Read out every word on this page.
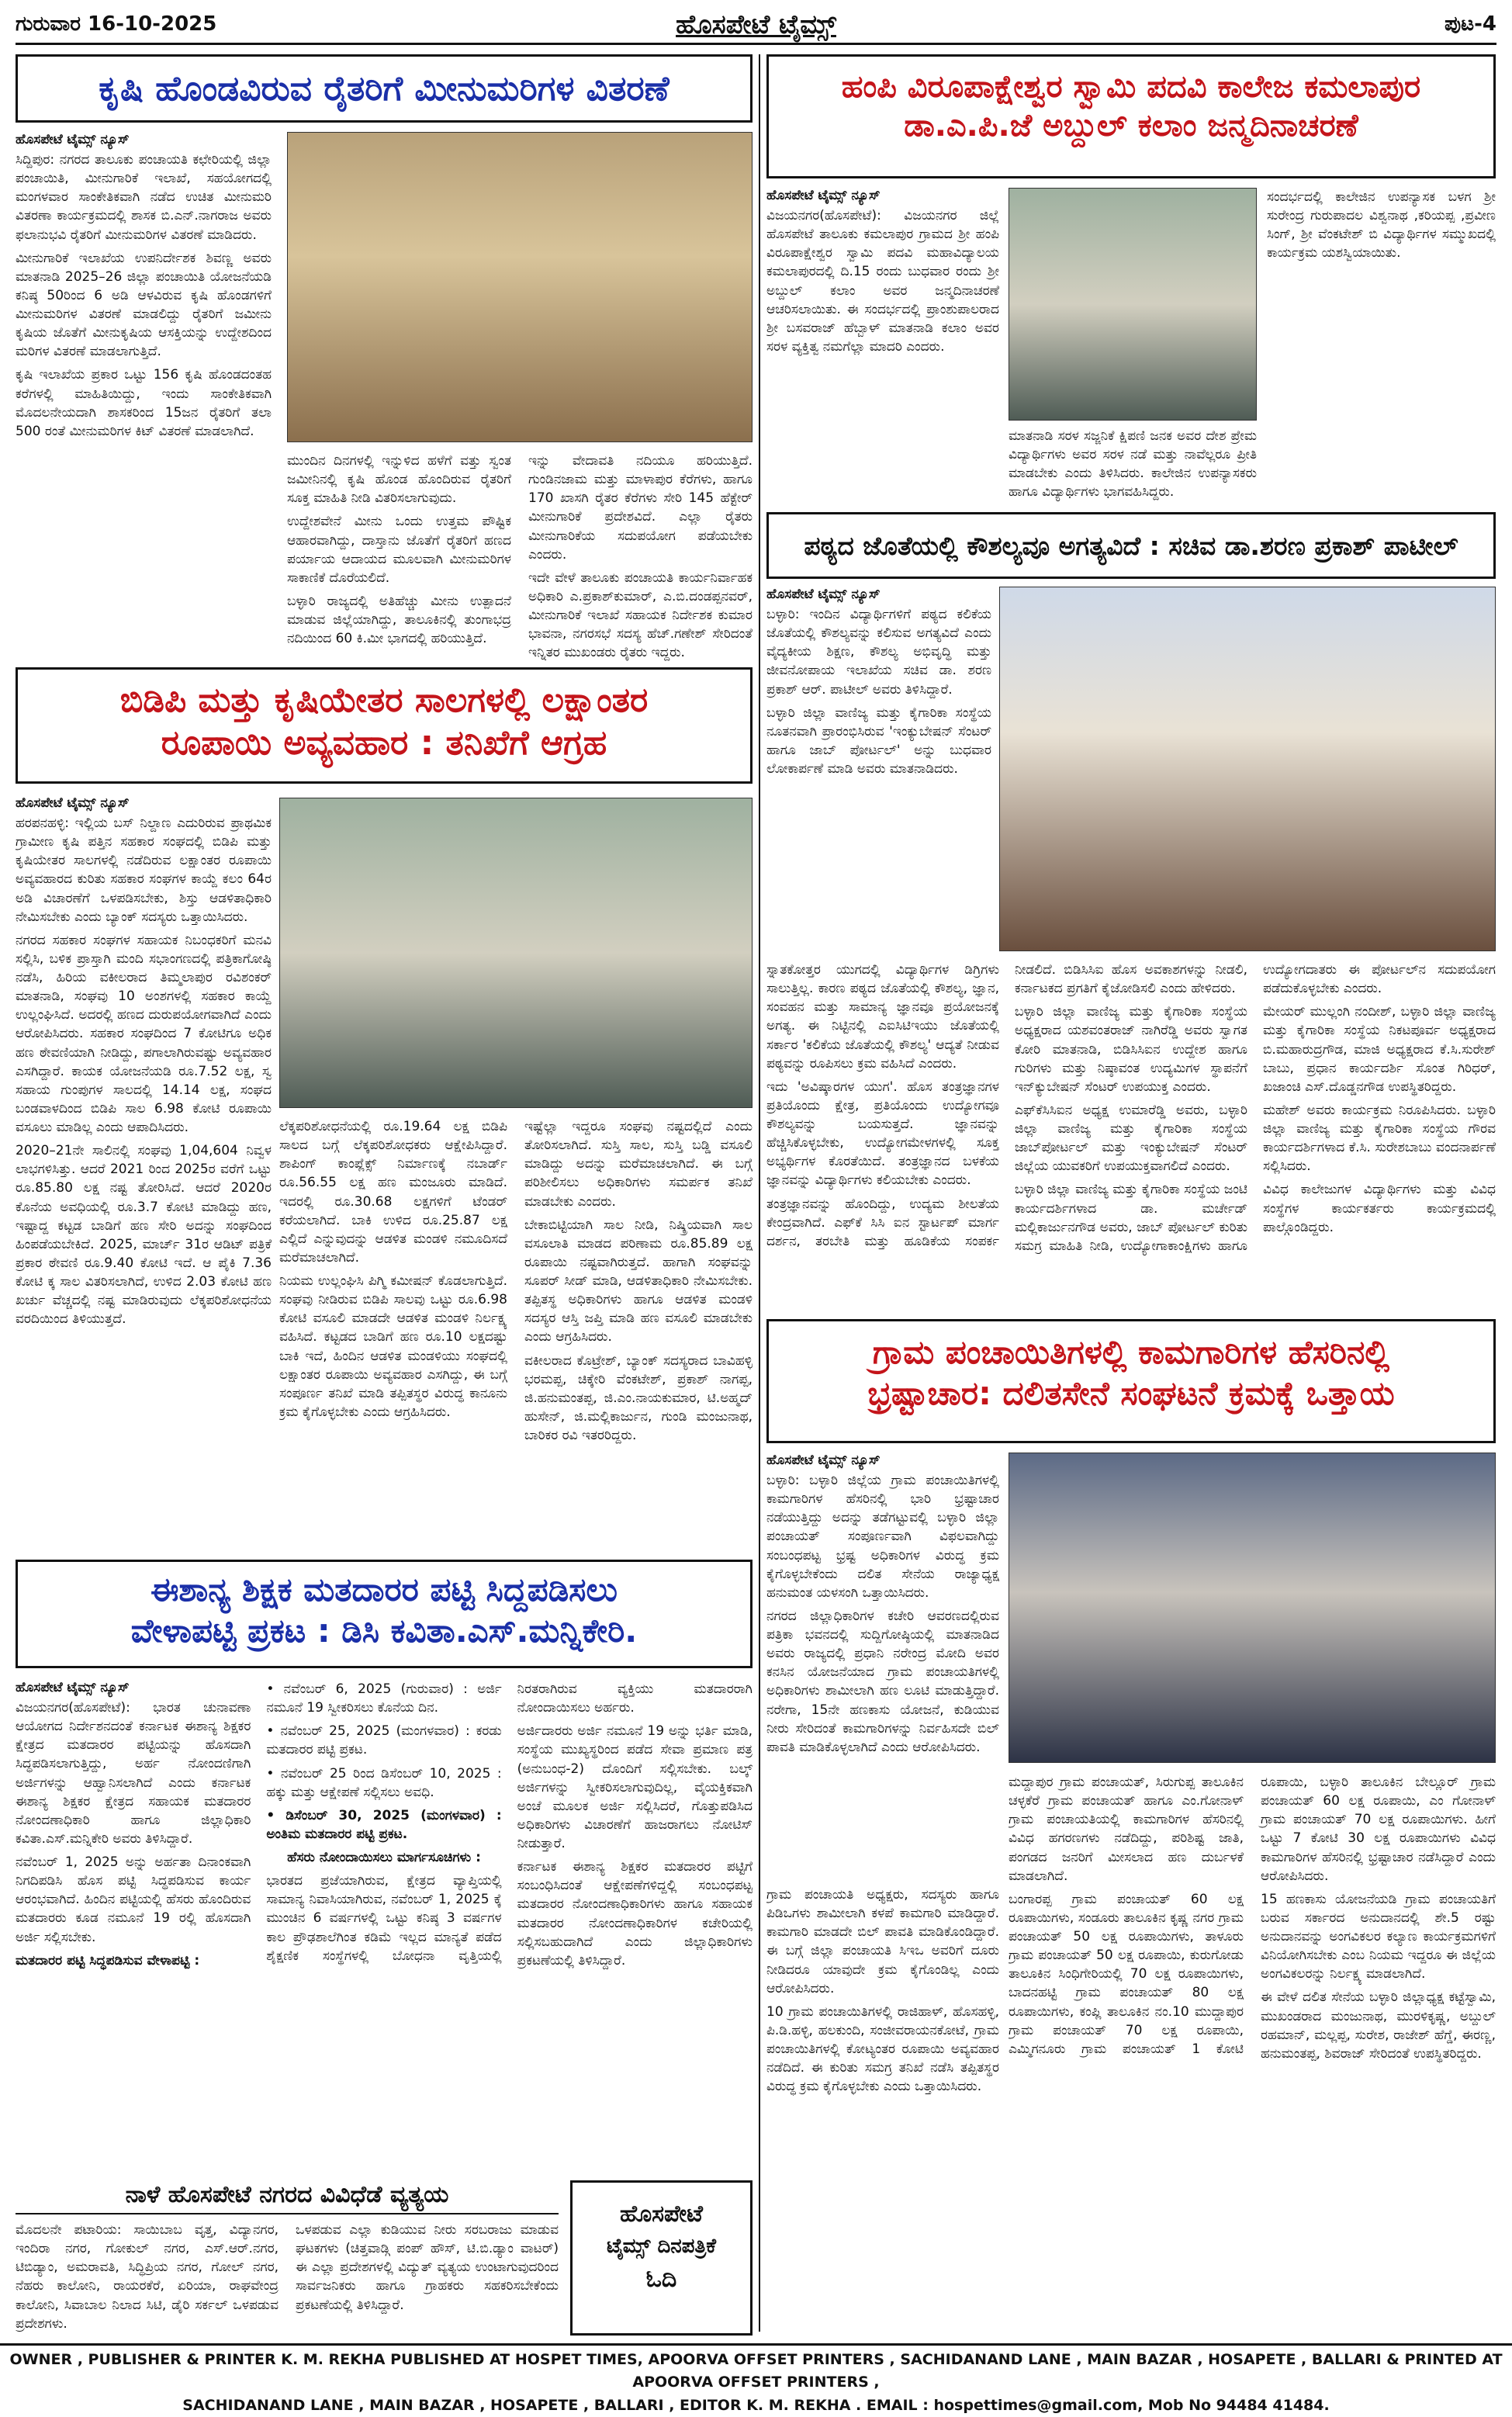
ಗುರುವಾರ 16-10-2025	ಹೊಸಪೇಟೆ ಟೈಮ್ಸ್	ಪುಟ-4
ಕೃಷಿ ಹೊಂಡವಿರುವ ರೈತರಿಗೆ ಮೀನುಮರಿಗಳ ವಿತರಣೆ

ಹೊಸಪೇಟೆ ಟೈಮ್ಸ್ ನ್ಯೂಸ್

ಸಿದ್ದಿಪುರ: ನಗರದ ತಾಲೂಕು ಪಂಚಾಯತಿ ಕಛೇರಿಯಲ್ಲಿ ಜಿಲ್ಲಾ ಪಂಚಾಯಿತಿ, ಮೀನುಗಾರಿಕೆ ಇಲಾಖೆ, ಸಹಯೋಗದಲ್ಲಿ ಮಂಗಳವಾರ ಸಾಂಕೇತಿಕವಾಗಿ ನಡೆದ ಉಚಿತ ಮೀನುಮರಿ ವಿತರಣಾ ಕಾರ್ಯಕ್ರಮದಲ್ಲಿ ಶಾಸಕ ಬಿ.ಎನ್.ನಾಗರಾಜ ಅವರು ಫಲಾನುಭವಿ ರೈತರಿಗೆ ಮೀನುಮರಿಗಳ ವಿತರಣೆ ಮಾಡಿದರು.

ಮೀನುಗಾರಿಕೆ ಇಲಾಖೆಯ ಉಪನಿರ್ದೇಶಕ ಶಿವಣ್ಣ ಅವರು ಮಾತನಾಡಿ 2025–26 ಜಿಲ್ಲಾ ಪಂಚಾಯಿತಿ ಯೋಜನೆಯಡಿ ಕನಿಷ್ಠ 50ರಿಂದ 6 ಅಡಿ ಆಳವಿರುವ ಕೃಷಿ ಹೊಂಡಗಳಿಗೆ ಮೀನುಮರಿಗಳ ವಿತರಣೆ ಮಾಡಲಿದ್ದು ರೈತರಿಗೆ ಜಮೀನು ಕೃಷಿಯ ಜೊತೆಗೆ ಮೀನುಕೃಷಿಯ ಆಸಕ್ತಿಯನ್ನು ಉದ್ದೇಶದಿಂದ ಮರಿಗಳ ವಿತರಣೆ ಮಾಡಲಾಗುತ್ತಿದೆ.

ಕೃಷಿ ಇಲಾಖೆಯ ಪ್ರಕಾರ ಒಟ್ಟು 156 ಕೃಷಿ ಹೊಂಡದಂತಹ ಕರೆಗಳಲ್ಲಿ ಮಾಹಿತಿಯಿದ್ದು, ಇಂದು ಸಾಂಕೇತಿಕವಾಗಿ ಮೊದಲನೇಯದಾಗಿ ಶಾಸಕರಿಂದ 15ಜನ ರೈತರಿಗೆ ತಲಾ 500 ರಂತೆ ಮೀನುಮರಿಗಳ ಕಿಟ್ ವಿತರಣೆ ಮಾಡಲಾಗಿದೆ.

ಮುಂದಿನ ದಿನಗಳಲ್ಲಿ ಇನ್ನುಳಿದ ಹಳೆಗೆ ವತ್ತು ಸ್ವಂತ ಜಮೀನಿನಲ್ಲಿ ಕೃಷಿ ಹೊಂಡ ಹೊಂದಿರುವ ರೈತರಿಗೆ ಸೂಕ್ತ ಮಾಹಿತಿ ನೀಡಿ ವಿತರಿಸಲಾಗುವುದು.

ಉದ್ದೇಶವೇನೆ ಮೀನು ಒಂದು ಉತ್ತಮ ಪೌಷ್ಟಿಕ ಆಹಾರವಾಗಿದ್ದು, ದಾಸ್ತಾನು ಜೊತೆಗೆ ರೈತರಿಗೆ ಹಣದ ಪರ್ಯಾಯ ಆದಾಯದ ಮೂಲವಾಗಿ ಮೀನುಮರಿಗಳ ಸಾಕಾಣಿಕೆ ದೊರೆಯಲಿದೆ.

ಬಳ್ಳಾರಿ ರಾಜ್ಯದಲ್ಲಿ ಅತಿಹೆಚ್ಚು ಮೀನು ಉತ್ಪಾದನೆ ಮಾಡುವ ಜಿಲ್ಲೆಯಾಗಿದ್ದು, ತಾಲೂಕಿನಲ್ಲಿ ತುಂಗಾಭದ್ರ ನದಿಯಿಂದ 60 ಕಿ.ಮೀ ಭಾಗದಲ್ಲಿ ಹರಿಯುತ್ತಿದೆ.

ಇನ್ನು ವೇದಾವತಿ ನದಿಯೂ ಹರಿಯುತ್ತಿದೆ. ಗುಂಡಿನಜಾಮ ಮತ್ತು ಮಾಳಾಪುರ ಕೆರೆಗಳು, ಹಾಗೂ 170 ಖಾಸಗಿ ರೈತರ ಕೆರೆಗಳು ಸೇರಿ 145 ಹೆಕ್ಟೇರ್ ಮೀನುಗಾರಿಕೆ ಪ್ರದೇಶವಿದೆ. ಎಲ್ಲಾ ರೈತರು ಮೀನುಗಾರಿಕೆಯ ಸದುಪಯೋಗ ಪಡೆಯಬೇಕು ಎಂದರು.

ಇದೇ ವೇಳೆ ತಾಲೂಕು ಪಂಚಾಯತಿ ಕಾರ್ಯನಿರ್ವಾಹಕ ಅಧಿಕಾರಿ ಎ.ಪ್ರಕಾಶ್‌ಕುಮಾರ್, ಎ.ಬಿ.ದಂಡಪ್ಪನವರ್, ಮೀನುಗಾರಿಕೆ ಇಲಾಖೆ ಸಹಾಯಕ ನಿರ್ದೇಶಕ ಕುಮಾರ ಭಾವನಾ, ನಗರಸಭೆ ಸದಸ್ಯ ಹೆಚ್.ಗಣೇಶ್ ಸೇರಿದಂತೆ ಇನ್ನಿತರ ಮುಖಂಡರು ರೈತರು ಇದ್ದರು.

ಬಿಡಿಪಿ ಮತ್ತು ಕೃಷಿಯೇತರ ಸಾಲಗಳಲ್ಲಿ ಲಕ್ಷಾಂತರ
ರೂಪಾಯಿ ಅವ್ಯವಹಾರ : ತನಿಖೆಗೆ ಆಗ್ರಹ

ಹೊಸಪೇಟೆ ಟೈಮ್ಸ್ ನ್ಯೂಸ್

ಹರಪನಹಳ್ಳಿ: ಇಲ್ಲಿಯ ಬಸ್ ನಿಲ್ದಾಣ ಎದುರಿರುವ ಪ್ರಾಥಮಿಕ ಗ್ರಾಮೀಣ ಕೃಷಿ ಪತ್ತಿನ ಸಹಕಾರ ಸಂಘದಲ್ಲಿ ಬಿಡಿಪಿ ಮತ್ತು ಕೃಷಿಯೇತರ ಸಾಲಗಳಲ್ಲಿ ನಡೆದಿರುವ ಲಕ್ಷಾಂತರ ರೂಪಾಯಿ ಅವ್ಯವಹಾರದ ಕುರಿತು ಸಹಕಾರ ಸಂಘಗಳ ಕಾಯ್ದೆ ಕಲಂ 64ರ ಅಡಿ ವಿಚಾರಣೆಗೆ ಒಳಪಡಿಸಬೇಕು, ಶಿಸ್ತು ಆಡಳಿತಾಧಿಕಾರಿ ನೇಮಿಸಬೇಕು ಎಂದು ಬ್ಯಾಂಕ್ ಸದಸ್ಯರು ಒತ್ತಾಯಿಸಿದರು.

ನಗರದ ಸಹಕಾರ ಸಂಘಗಳ ಸಹಾಯಕ ನಿಬಂಧಕರಿಗೆ ಮನವಿ ಸಲ್ಲಿಸಿ, ಬಳಿಕ ಪ್ರಾಸ್ತಾಗಿ ಮಂದಿ ಸಭಾಂಗಣದಲ್ಲಿ ಪತ್ರಿಕಾಗೋಷ್ಠಿ ನಡೆಸಿ, ಹಿರಿಯ ವಕೀಲರಾದ ತಿಮ್ಮಲಾಪುರ ರವಿಶಂಕರ್ ಮಾತನಾಡಿ, ಸಂಘವು 10 ಅಂಶಗಳಲ್ಲಿ ಸಹಕಾರ ಕಾಯ್ದೆ ಉಲ್ಲಂಘಿಸಿದೆ. ಅದರಲ್ಲಿ ಹಣದ ದುರುಪಯೋಗವಾಗಿದೆ ಎಂದು ಆರೋಪಿಸಿದರು. ಸಹಕಾರ ಸಂಘದಿಂದ 7 ಕೋಟಿಗೂ ಅಧಿಕ ಹಣ ಠೇವಣಿಯಾಗಿ ನೀಡಿದ್ದು, ಪಗಾಲಾಗಿರುವಷ್ಟು ಅವ್ಯವಹಾರ ಎಸಗಿದ್ದಾರೆ. ಕಾಯಕ ಯೋಜನೆಯಡಿ ರೂ.7.52 ಲಕ್ಷ, ಸ್ವ ಸಹಾಯ ಗುಂಪುಗಳ ಸಾಲದಲ್ಲಿ 14.14 ಲಕ್ಷ, ಸಂಘದ ಬಂಡವಾಳದಿಂದ ಬಿಡಿಪಿ ಸಾಲ 6.98 ಕೋಟಿ ರೂಪಾಯಿ ವಸೂಲು ಮಾಡಿಲ್ಲ ಎಂದು ಆಪಾದಿಸಿದರು.

2020–21ನೇ ಸಾಲಿನಲ್ಲಿ ಸಂಘವು 1,04,604 ನಿವ್ವಳ ಲಾಭಗಳಿಸಿತ್ತು. ಆದರೆ 2021 ರಿಂದ 2025ರ ವರೆಗೆ ಒಟ್ಟು ರೂ.85.80 ಲಕ್ಷ ನಷ್ಟ ತೋರಿಸಿದೆ. ಆದರೆ 2020ರ ಕೊನೆಯ ಅವಧಿಯಲ್ಲಿ ರೂ.3.7 ಕೋಟಿ ಮಾಡಿದ್ದು ಹಣ, ಇಷ್ಟಾದ್ದ ಕಟ್ಟಡ ಬಾಡಿಗೆ ಹಣ ಸೇರಿ ಅದನ್ನು ಸಂಘದಿಂದ ಹಿಂಪಡೆಯಬೇಕಿದೆ. 2025, ಮಾರ್ಚ್ 31ರ ಆಡಿಟ್ ಪತ್ರಿಕೆ ಪ್ರಕಾರ ಠೇವಣಿ ರೂ.9.40 ಕೋಟಿ ಇದೆ. ಆ ಪೈಕಿ 7.36 ಕೋಟಿ ಕ್ಕ ಸಾಲ ವಿತರಿಸಲಾಗಿದೆ, ಉಳಿದ 2.03 ಕೋಟಿ ಹಣ ಖರ್ಚು ವೆಚ್ಚದಲ್ಲಿ ನಷ್ಟ ಮಾಡಿರುವುದು ಲೆಕ್ಕಪರಿಶೋಧನೆಯ ವರದಿಯಿಂದ ತಿಳಿಯುತ್ತದೆ.

ಲೆಕ್ಕಪರಿಶೋಧನೆಯಲ್ಲಿ ರೂ.19.64 ಲಕ್ಷ ಬಿಡಿಪಿ ಸಾಲದ ಬಗ್ಗೆ ಲೆಕ್ಕಪರಿಶೋಧಕರು ಆಕ್ಷೇಪಿಸಿದ್ದಾರೆ. ಶಾಪಿಂಗ್ ಕಾಂಪ್ಲೆಕ್ಸ್ ನಿರ್ಮಾಣಕ್ಕೆ ನಬಾರ್ಡ್ ರೂ.56.55 ಲಕ್ಷ ಹಣ ಮಂಜೂರು ಮಾಡಿದೆ. ಇದರಲ್ಲಿ ರೂ.30.68 ಲಕ್ಷಗಳಿಗೆ ಟೆಂಡರ್ ಕರೆಯಲಾಗಿದೆ. ಬಾಕಿ ಉಳಿದ ರೂ.25.87 ಲಕ್ಷ ಎಲ್ಲಿದೆ ಎನ್ನುವುದನ್ನು ಆಡಳಿತ ಮಂಡಳಿ ನಮೂದಿಸದೆ ಮರೆಮಾಚಲಾಗಿದೆ.

ನಿಯಮ ಉಲ್ಲಂಘಿಸಿ ಪಿಗ್ಮಿ ಕಮೀಷನ್ ಕೊಡಲಾಗುತ್ತಿದೆ. ಸಂಘವು ನೀಡಿರುವ ಬಿಡಿಪಿ ಸಾಲವು ಒಟ್ಟು ರೂ.6.98 ಕೋಟಿ ವಸೂಲಿ ಮಾಡದೇ ಆಡಳಿತ ಮಂಡಳಿ ನಿರ್ಲಕ್ಷ್ಯ ವಹಿಸಿದೆ. ಕಟ್ಟಡದ ಬಾಡಿಗೆ ಹಣ ರೂ.10 ಲಕ್ಷದಷ್ಟು ಬಾಕಿ ಇದೆ, ಹಿಂದಿನ ಆಡಳಿತ ಮಂಡಳಿಯು ಸಂಘದಲ್ಲಿ ಲಕ್ಷಾಂತರ ರೂಪಾಯಿ ಅವ್ಯವಹಾರ ಎಸಗಿದ್ದು, ಈ ಬಗ್ಗೆ ಸಂಪೂರ್ಣ ತನಿಖೆ ಮಾಡಿ ತಪ್ಪಿತಸ್ಥರ ವಿರುದ್ಧ ಕಾನೂನು ಕ್ರಮ ಕೈಗೊಳ್ಳಬೇಕು ಎಂದು ಆಗ್ರಹಿಸಿದರು.

ಇಷ್ಟೆಲ್ಲಾ ಇದ್ದರೂ ಸಂಘವು ನಷ್ಟದಲ್ಲಿದೆ ಎಂದು ತೋರಿಸಲಾಗಿದೆ. ಸುಸ್ತಿ ಸಾಲ, ಸುಸ್ತಿ ಬಡ್ಡಿ ವಸೂಲಿ ಮಾಡಿದ್ದು ಅದನ್ನು ಮರೆಮಾಚಲಾಗಿದೆ. ಈ ಬಗ್ಗೆ ಪರಿಶೀಲಿಸಲು ಅಧಿಕಾರಿಗಳು ಸಮರ್ಪಕ ತನಿಖೆ ಮಾಡಬೇಕು ಎಂದರು.

ಬೇಕಾಬಿಟ್ಟಿಯಾಗಿ ಸಾಲ ನೀಡಿ, ನಿಷ್ಕ್ರಿಯವಾಗಿ ಸಾಲ ವಸೂಲಾತಿ ಮಾಡದ ಪರಿಣಾಮ ರೂ.85.89 ಲಕ್ಷ ರೂಪಾಯಿ ನಷ್ಟವಾಗಿರುತ್ತದೆ. ಹಾಗಾಗಿ ಸಂಘವನ್ನು ಸೂಪರ್ ಸೀಡ್ ಮಾಡಿ, ಆಡಳಿತಾಧಿಕಾರಿ ನೇಮಿಸಬೇಕು. ತಪ್ಪಿತಸ್ಥ ಅಧಿಕಾರಿಗಳು ಹಾಗೂ ಆಡಳಿತ ಮಂಡಳಿ ಸದಸ್ಯರ ಆಸ್ತಿ ಜಪ್ತಿ ಮಾಡಿ ಹಣ ವಸೂಲಿ ಮಾಡಬೇಕು ಎಂದು ಆಗ್ರಹಿಸಿದರು.

ವಕೀಲರಾದ ಕೊಟ್ರೇಶ್, ಬ್ಯಾಂಕ್ ಸದಸ್ಯರಾದ ಬಾವಿಹಳ್ಳಿ ಭರಮಪ್ಪ, ಚಿಕ್ಕೇರಿ ವೆಂಕಟೇಶ್, ಪ್ರಕಾಶ್ ನಾಗಪ್ಪ, ಜಿ.ಹನುಮಂತಪ್ಪ, ಜಿ.ಎಂ.ನಾಯಕುಮಾರ, ಟಿ.ಅಹ್ಮದ್ ಹುಸೇನ್, ಜಿ.ಮಲ್ಲಿಕಾರ್ಜುನ, ಗುಂಡಿ ಮಂಜುನಾಥ, ಬಾರಿಕರ ರವಿ ಇತರರಿದ್ದರು.

ಈಶಾನ್ಯ ಶಿಕ್ಷಕ ಮತದಾರರ ಪಟ್ಟಿ ಸಿದ್ದಪಡಿಸಲು
ವೇಳಾಪಟ್ಟಿ ಪ್ರಕಟ : ಡಿಸಿ ಕವಿತಾ.ಎಸ್.ಮನ್ನಿಕೇರಿ.

ಹೊಸಪೇಟೆ ಟೈಮ್ಸ್ ನ್ಯೂಸ್

ವಿಜಯನಗರ(ಹೊಸಪೇಟೆ): ಭಾರತ ಚುನಾವಣಾ ಆಯೋಗದ ನಿರ್ದೇಶನದಂತೆ ಕರ್ನಾಟಕ ಈಶಾನ್ಯ ಶಿಕ್ಷಕರ ಕ್ಷೇತ್ರದ ಮತದಾರರ ಪಟ್ಟಿಯನ್ನು ಹೊಸದಾಗಿ ಸಿದ್ಧಪಡಿಸಲಾಗುತ್ತಿದ್ದು, ಅರ್ಹ ನೋಂದಣಿಗಾಗಿ ಅರ್ಜಿಗಳನ್ನು ಆಹ್ವಾನಿಸಲಾಗಿದೆ ಎಂದು ಕರ್ನಾಟಕ ಈಶಾನ್ಯ ಶಿಕ್ಷಕರ ಕ್ಷೇತ್ರದ ಸಹಾಯಕ ಮತದಾರರ ನೋಂದಣಾಧಿಕಾರಿ ಹಾಗೂ ಜಿಲ್ಲಾಧಿಕಾರಿ ಕವಿತಾ.ಎಸ್.ಮನ್ನಿಕೇರಿ ಅವರು ತಿಳಿಸಿದ್ದಾರೆ.

ನವೆಂಬರ್ 1, 2025 ಅನ್ನು ಅರ್ಹತಾ ದಿನಾಂಕವಾಗಿ ನಿಗದಿಪಡಿಸಿ ಹೊಸ ಪಟ್ಟಿ ಸಿದ್ಧಪಡಿಸುವ ಕಾರ್ಯ ಆರಂಭವಾಗಿದೆ. ಹಿಂದಿನ ಪಟ್ಟಿಯಲ್ಲಿ ಹೆಸರು ಹೊಂದಿರುವ ಮತದಾರರು ಕೂಡ ನಮೂನೆ 19 ರಲ್ಲಿ ಹೊಸದಾಗಿ ಅರ್ಜಿ ಸಲ್ಲಿಸಬೇಕು.

ಮತದಾರರ ಪಟ್ಟಿ ಸಿದ್ಧಪಡಿಸುವ ವೇಳಾಪಟ್ಟಿ :

• ನವೆಂಬರ್ 6, 2025 (ಗುರುವಾರ) : ಅರ್ಜಿ ನಮೂನೆ 19 ಸ್ವೀಕರಿಸಲು ಕೊನೆಯ ದಿನ.

• ನವೆಂಬರ್ 25, 2025 (ಮಂಗಳವಾರ) : ಕರಡು ಮತದಾರರ ಪಟ್ಟಿ ಪ್ರಕಟ.

• ನವೆಂಬರ್ 25 ರಿಂದ ಡಿಸೆಂಬರ್ 10, 2025 : ಹಕ್ಕು ಮತ್ತು ಆಕ್ಷೇಪಣೆ ಸಲ್ಲಿಸಲು ಅವಧಿ.

• ಡಿಸೆಂಬರ್ 30, 2025 (ಮಂಗಳವಾರ) : ಅಂತಿಮ ಮತದಾರರ ಪಟ್ಟಿ ಪ್ರಕಟ.

ಹೆಸರು ನೋಂದಾಯಿಸಲು ಮಾರ್ಗಸೂಚಿಗಳು :

ಭಾರತದ ಪ್ರಜೆಯಾಗಿರುವ, ಕ್ಷೇತ್ರದ ವ್ಯಾಪ್ತಿಯಲ್ಲಿ ಸಾಮಾನ್ಯ ನಿವಾಸಿಯಾಗಿರುವ, ನವೆಂಬರ್ 1, 2025 ಕ್ಕೆ ಮುಂಚಿನ 6 ವರ್ಷಗಳಲ್ಲಿ ಒಟ್ಟು ಕನಿಷ್ಠ 3 ವರ್ಷಗಳ ಕಾಲ ಪ್ರೌಢಶಾಲೆಗಿಂತ ಕಡಿಮೆ ಇಲ್ಲದ ಮಾನ್ಯತೆ ಪಡೆದ ಶೈಕ್ಷಣಿಕ ಸಂಸ್ಥೆಗಳಲ್ಲಿ ಬೋಧನಾ ವೃತ್ತಿಯಲ್ಲಿ ನಿರತರಾಗಿರುವ ವ್ಯಕ್ತಿಯು ಮತದಾರರಾಗಿ ನೋಂದಾಯಿಸಲು ಅರ್ಹರು.

ಅರ್ಜಿದಾರರು ಅರ್ಜಿ ನಮೂನೆ 19 ಅನ್ನು ಭರ್ತಿ ಮಾಡಿ, ಸಂಸ್ಥೆಯ ಮುಖ್ಯಸ್ಥರಿಂದ ಪಡೆದ ಸೇವಾ ಪ್ರಮಾಣ ಪತ್ರ (ಅನುಬಂಧ-2) ದೊಂದಿಗೆ ಸಲ್ಲಿಸಬೇಕು. ಬಲ್ಕ್ ಅರ್ಜಿಗಳನ್ನು ಸ್ವೀಕರಿಸಲಾಗುವುದಿಲ್ಲ, ವೈಯಕ್ತಿಕವಾಗಿ ಅಂಚೆ ಮೂಲಕ ಅರ್ಜಿ ಸಲ್ಲಿಸಿದರೆ, ಗೊತ್ತುಪಡಿಸಿದ ಅಧಿಕಾರಿಗಳು ವಿಚಾರಣೆಗೆ ಹಾಜರಾಗಲು ನೋಟಿಸ್ ನೀಡುತ್ತಾರೆ.

ಕರ್ನಾಟಕ ಈಶಾನ್ಯ ಶಿಕ್ಷಕರ ಮತದಾರರ ಪಟ್ಟಿಗೆ ಸಂಬಂಧಿಸಿದಂತೆ ಆಕ್ಷೇಪಣೆಗಳಿದ್ದಲ್ಲಿ ಸಂಬಂಧಪಟ್ಟ ಮತದಾರರ ನೋಂದಣಾಧಿಕಾರಿಗಳು ಹಾಗೂ ಸಹಾಯಕ ಮತದಾರರ ನೋಂದಣಾಧಿಕಾರಿಗಳ ಕಚೇರಿಯಲ್ಲಿ ಸಲ್ಲಿಸಬಹುದಾಗಿದೆ ಎಂದು ಜಿಲ್ಲಾಧಿಕಾರಿಗಳು ಪ್ರಕಟಣೆಯಲ್ಲಿ ತಿಳಿಸಿದ್ದಾರೆ.

ನಾಳೆ ಹೊಸಪೇಟೆ ನಗರದ ವಿವಿಧೆಡೆ ವ್ಯತ್ಯಯ

ಮೊದಲನೇ ಪಟಾರಿಯ: ಸಾಯಿಬಾಬ ವೃತ್ತ, ವಿದ್ಯಾನಗರ, ಇಂದಿರಾ ನಗರ, ಗೋಕುಲ್ ನಗರ, ಎಸ್.ಆರ್.ನಗರ, ಟಿಬಿಡ್ಯಾಂ, ಅಮರಾವತಿ, ಸಿದ್ಧಿಪ್ರಿಯ ನಗರ, ಗೋಲ್ ನಗರ, ನೆಹರು ಕಾಲೋನಿ, ರಾಯರಕೆರೆ, ಏರಿಯಾ, ರಾಘವೇಂದ್ರ ಕಾಲೋನಿ, ಸಿವಾಬಾಲ ನಿಲಾದ ಸಿಟಿ, ಡೈರಿ ಸರ್ಕಲ್ ಒಳಪಡುವ ಪ್ರದೇಶಗಳು.

ಒಳಪಡುವ ಎಲ್ಲಾ ಕುಡಿಯುವ ನೀರು ಸರಬರಾಜು ಮಾಡುವ ಘಟಕಗಳು (ಚಿತ್ತವಾಡ್ಗಿ ಪಂಪ್ ಹೌಸ್, ಟಿ.ಬಿ.ಡ್ಯಾಂ ವಾಟರ್) ಈ ಎಲ್ಲಾ ಪ್ರದೇಶಗಳಲ್ಲಿ ವಿದ್ಯುತ್ ವ್ಯತ್ಯಯ ಉಂಟಾಗುವುದರಿಂದ ಸಾರ್ವಜನಿಕರು ಹಾಗೂ ಗ್ರಾಹಕರು ಸಹಕರಿಸಬೇಕೆಂದು ಪ್ರಕಟಣೆಯಲ್ಲಿ ತಿಳಿಸಿದ್ದಾರೆ.

ಹೊಸಪೇಟೆ
ಟೈಮ್ಸ್ ದಿನಪತ್ರಿಕೆ
ಓದಿ
ಹಂಪಿ ವಿರೂಪಾಕ್ಷೇಶ್ವರ ಸ್ವಾಮಿ ಪದವಿ ಕಾಲೇಜ ಕಮಲಾಪುರ
ಡಾ.ಎ.ಪಿ.ಜೆ ಅಬ್ದುಲ್ ಕಲಾಂ ಜನ್ಮದಿನಾಚರಣೆ

ಹೊಸಪೇಟೆ ಟೈಮ್ಸ್ ನ್ಯೂಸ್

ವಿಜಯನಗರ(ಹೊಸಪೇಟೆ): ವಿಜಯನಗರ ಜಿಲ್ಲೆ ಹೊಸಪೇಟೆ ತಾಲೂಕು ಕಮಲಾಪುರ ಗ್ರಾಮದ ಶ್ರೀ ಹಂಪಿ ವಿರೂಪಾಕ್ಷೇಶ್ವರ ಸ್ವಾಮಿ ಪದವಿ ಮಹಾವಿದ್ಯಾಲಯ ಕಮಲಾಪುರದಲ್ಲಿ ದಿ.15 ರಂದು ಬುಧವಾರ ರಂದು ಶ್ರೀ ಅಬ್ದುಲ್ ಕಲಾಂ ಅವರ ಜನ್ಮದಿನಾಚರಣೆ ಆಚರಿಸಲಾಯಿತು. ಈ ಸಂದರ್ಭದಲ್ಲಿ ಪ್ರಾಂಶುಪಾಲರಾದ ಶ್ರೀ ಬಸವರಾಜ್ ಹೆಬ್ಬಾಳ್ ಮಾತನಾಡಿ ಕಲಾಂ ಅವರ ಸರಳ ವ್ಯಕ್ತಿತ್ವ ನಮಗೆಲ್ಲಾ ಮಾದರಿ ಎಂದರು.

ಮಾತನಾಡಿ ಸರಳ ಸಜ್ಜನಿಕೆ ಕ್ಷಿಪಣಿ ಜನಕ ಅವರ ದೇಶ ಪ್ರೇಮ ವಿದ್ಯಾರ್ಥಿಗಳು ಅವರ ಸರಳ ನಡೆ ಮತ್ತು ನಾವೆಲ್ಲರೂ ಪ್ರೀತಿ ಮಾಡಬೇಕು ಎಂದು ತಿಳಿಸಿದರು. ಕಾಲೇಜಿನ ಉಪನ್ಯಾಸಕರು ಹಾಗೂ ವಿದ್ಯಾರ್ಥಿಗಳು ಭಾಗವಹಿಸಿದ್ದರು.

ಸಂದರ್ಭದಲ್ಲಿ ಕಾಲೇಜಿನ ಉಪನ್ಯಾಸಕ ಬಳಗ ಶ್ರೀ ಸುರೇಂದ್ರ ಗುರುಪಾದಲ ವಿಶ್ವನಾಥ ,ಕರಿಯಪ್ಪ ,ಪ್ರವೀಣ ಸಿಂಗ್, ಶ್ರೀ ವೆಂಕಟೇಶ್ ಬಿ ವಿದ್ಯಾರ್ಥಿಗಳ ಸಮ್ಮುಖದಲ್ಲಿ ಕಾರ್ಯಕ್ರಮ ಯಶಸ್ವಿಯಾಯಿತು.

ಪಠ್ಯದ ಜೊತೆಯಲ್ಲಿ ಕೌಶಲ್ಯವೂ ಅಗತ್ಯವಿದೆ : ಸಚಿವ ಡಾ.ಶರಣ ಪ್ರಕಾಶ್ ಪಾಟೀಲ್

ಹೊಸಪೇಟೆ ಟೈಮ್ಸ್ ನ್ಯೂಸ್

ಬಳ್ಳಾರಿ: ಇಂದಿನ ವಿದ್ಯಾರ್ಥಿಗಳಿಗೆ ಪಠ್ಯದ ಕಲಿಕೆಯ ಜೊತೆಯಲ್ಲಿ ಕೌಶಲ್ಯವನ್ನು ಕಲಿಸುವ ಅಗತ್ಯವಿದೆ ಎಂದು ವೈದ್ಯಕೀಯ ಶಿಕ್ಷಣ, ಕೌಶಲ್ಯ ಅಭಿವೃದ್ಧಿ ಮತ್ತು ಜೀವನೋಪಾಯ ಇಲಾಖೆಯ ಸಚಿವ ಡಾ. ಶರಣ ಪ್ರಕಾಶ್ ಆರ್. ಪಾಟೀಲ್ ಅವರು ತಿಳಿಸಿದ್ದಾರೆ.

ಬಳ್ಳಾರಿ ಜಿಲ್ಲಾ ವಾಣಿಜ್ಯ ಮತ್ತು ಕೈಗಾರಿಕಾ ಸಂಸ್ಥೆಯ ನೂತನವಾಗಿ ಪ್ರಾರಂಭಿಸಿರುವ 'ಇಂಕ್ಯುಬೇಷನ್ ಸೆಂಟರ್ ಹಾಗೂ ಜಾಬ್ ಪೋರ್ಟಲ್' ಅನ್ನು ಬುಧವಾರ ಲೋಕಾರ್ಪಣೆ ಮಾಡಿ ಅವರು ಮಾತನಾಡಿದರು.

ಸ್ನಾತಕೋತ್ತರ ಯುಗದಲ್ಲಿ ವಿದ್ಯಾರ್ಥಿಗಳ ಡಿಗ್ರಿಗಳು ಸಾಲುತ್ತಿಲ್ಲ. ಕಾರಣ ಪಠ್ಯದ ಜೊತೆಯಲ್ಲಿ ಕೌಶಲ್ಯ, ಜ್ಞಾನ, ಸಂವಹನ ಮತ್ತು ಸಾಮಾನ್ಯ ಜ್ಞಾನವೂ ಪ್ರಯೋಜನಕ್ಕೆ ಅಗತ್ಯ. ಈ ನಿಟ್ಟಿನಲ್ಲಿ ಎಐಸಿಟಿಇಯು ಜೊತೆಯಲ್ಲಿ ಸರ್ಕಾರ 'ಕಲಿಕೆಯ ಜೊತೆಯಲ್ಲಿ ಕೌಶಲ್ಯ' ಆದ್ಯತೆ ನೀಡುವ ಪಠ್ಯವನ್ನು ರೂಪಿಸಲು ಕ್ರಮ ವಹಿಸಿದೆ ಎಂದರು.

ಇದು 'ಅವಿಷ್ಕಾರಗಳ ಯುಗ'. ಹೊಸ ತಂತ್ರಜ್ಞಾನಗಳ ಪ್ರತಿಯೊಂದು ಕ್ಷೇತ್ರ, ಪ್ರತಿಯೊಂದು ಉದ್ಯೋಗವೂ ಕೌಶಲ್ಯವನ್ನು ಬಯಸುತ್ತದೆ. ಜ್ಞಾನವನ್ನು ಹೆಚ್ಚಿಸಿಕೊಳ್ಳಬೇಕು, ಉದ್ಯೋಗಮೇಳಗಳಲ್ಲಿ ಸೂಕ್ತ ಅಭ್ಯರ್ಥಿಗಳ ಕೊರತೆಯಿದೆ. ತಂತ್ರಜ್ಞಾನದ ಬಳಕೆಯ ಜ್ಞಾನವನ್ನು ವಿದ್ಯಾರ್ಥಿಗಳು ಕಲಿಯಬೇಕು ಎಂದರು.

ತಂತ್ರಜ್ಞಾನವನ್ನು ಹೊಂದಿದ್ದು, ಉದ್ಯಮ ಶೀಲತೆಯ ಕೇಂದ್ರವಾಗಿದೆ. ಎಫ್‌ಕೆ ಸಿಸಿ ಐನ ಸ್ಟಾರ್ಟಪ್ ಮಾರ್ಗ ದರ್ಶನ, ತರಬೇತಿ ಮತ್ತು ಹೂಡಿಕೆಯ ಸಂಪರ್ಕ ನೀಡಲಿದೆ. ಬಿಡಿಸಿಸಿಐ ಹೊಸ ಅವಕಾಶಗಳನ್ನು ನೀಡಲಿ, ಕರ್ನಾಟಕದ ಪ್ರಗತಿಗೆ ಕೈಜೋಡಿಸಲಿ ಎಂದು ಹೇಳಿದರು.

ಬಳ್ಳಾರಿ ಜಿಲ್ಲಾ ವಾಣಿಜ್ಯ ಮತ್ತು ಕೈಗಾರಿಕಾ ಸಂಸ್ಥೆಯ ಅಧ್ಯಕ್ಷರಾದ ಯಶವಂತರಾಜ್ ನಾಗಿರೆಡ್ಡಿ ಅವರು ಸ್ವಾಗತ ಕೋರಿ ಮಾತನಾಡಿ, ಬಿಡಿಸಿಸಿಐನ ಉದ್ದೇಶ ಹಾಗೂ ಗುರಿಗಳು ಮತ್ತು ನಿಷ್ಠಾವಂತ ಉದ್ಯಮಿಗಳ ಸ್ಥಾಪನೆಗೆ ಇನ್‌ಕ್ಯುಬೇಷನ್ ಸೆಂಟರ್ ಉಪಯುಕ್ತ ಎಂದರು.

ಎಫ್‌ಕೆಸಿಸಿಐನ ಅಧ್ಯಕ್ಷ ಉಮಾರೆಡ್ಡಿ ಅವರು, ಬಳ್ಳಾರಿ ಜಿಲ್ಲಾ ವಾಣಿಜ್ಯ ಮತ್ತು ಕೈಗಾರಿಕಾ ಸಂಸ್ಥೆಯ ಜಾಬ್‌ಪೋರ್ಟಲ್ ಮತ್ತು ಇಂಕ್ಯುಬೇಷನ್ ಸೆಂಟರ್ ಜಿಲ್ಲೆಯ ಯುವಕರಿಗೆ ಉಪಯುಕ್ತವಾಗಲಿದೆ ಎಂದರು.

ಬಳ್ಳಾರಿ ಜಿಲ್ಲಾ ವಾಣಿಜ್ಯ ಮತ್ತು ಕೈಗಾರಿಕಾ ಸಂಸ್ಥೆಯ ಜಂಟಿ ಕಾರ್ಯದರ್ಶಿಗಳಾದ ಡಾ. ಮರ್ಚೇಡ್ ಮಲ್ಲಿಕಾರ್ಜುನಗೌಡ ಅವರು, ಜಾಬ್ ಪೋರ್ಟಲ್ ಕುರಿತು ಸಮಗ್ರ ಮಾಹಿತಿ ನೀಡಿ, ಉದ್ಯೋಗಾಕಾಂಕ್ಷಿಗಳು ಹಾಗೂ ಉದ್ಯೋಗದಾತರು ಈ ಪೋರ್ಟಲ್‌ನ ಸದುಪಯೋಗ ಪಡೆದುಕೊಳ್ಳಬೇಕು ಎಂದರು.

ಮೇಯರ್ ಮುಲ್ಲಂಗಿ ನಂದೀಶ್, ಬಳ್ಳಾರಿ ಜಿಲ್ಲಾ ವಾಣಿಜ್ಯ ಮತ್ತು ಕೈಗಾರಿಕಾ ಸಂಸ್ಥೆಯ ನಿಕಟಪೂರ್ವ ಅಧ್ಯಕ್ಷರಾದ ಬಿ.ಮಹಾರುದ್ರಗೌಡ, ಮಾಜಿ ಅಧ್ಯಕ್ಷರಾದ ಕೆ.ಸಿ.ಸುರೇಶ್ ಬಾಬು, ಪ್ರಧಾನ ಕಾರ್ಯದರ್ಶಿ ಸೊಂತ ಗಿರಿಧರ್, ಖಜಾಂಚಿ ಎಸ್.ದೊಡ್ಡನಗೌಡ ಉಪಸ್ಥಿತರಿದ್ದರು.

ಮಹೇಶ್ ಅವರು ಕಾರ್ಯಕ್ರಮ ನಿರೂಪಿಸಿದರು. ಬಳ್ಳಾರಿ ಜಿಲ್ಲಾ ವಾಣಿಜ್ಯ ಮತ್ತು ಕೈಗಾರಿಕಾ ಸಂಸ್ಥೆಯ ಗೌರವ ಕಾರ್ಯದರ್ಶಿಗಳಾದ ಕೆ.ಸಿ. ಸುರೇಶಬಾಬು ವಂದನಾರ್ಪಣೆ ಸಲ್ಲಿಸಿದರು.

ವಿವಿಧ ಕಾಲೇಜುಗಳ ವಿದ್ಯಾರ್ಥಿಗಳು ಮತ್ತು ವಿವಿಧ ಸಂಸ್ಥೆಗಳ ಕಾರ್ಯಕರ್ತರು ಕಾರ್ಯಕ್ರಮದಲ್ಲಿ ಪಾಲ್ಗೊಂಡಿದ್ದರು.

ಗ್ರಾಮ ಪಂಚಾಯಿತಿಗಳಲ್ಲಿ ಕಾಮಗಾರಿಗಳ ಹೆಸರಿನಲ್ಲಿ
ಭ್ರಷ್ಟಾಚಾರ: ದಲಿತಸೇನೆ ಸಂಘಟನೆ ಕ್ರಮಕ್ಕೆ ಒತ್ತಾಯ

ಹೊಸಪೇಟೆ ಟೈಮ್ಸ್ ನ್ಯೂಸ್

ಬಳ್ಳಾರಿ: ಬಳ್ಳಾರಿ ಜಿಲ್ಲೆಯ ಗ್ರಾಮ ಪಂಚಾಯಿತಿಗಳಲ್ಲಿ ಕಾಮಗಾರಿಗಳ ಹೆಸರಿನಲ್ಲಿ ಭಾರಿ ಭ್ರಷ್ಟಾಚಾರ ನಡೆಯುತ್ತಿದ್ದು ಅದನ್ನು ತಡೆಗಟ್ಟುವಲ್ಲಿ ಬಳ್ಳಾರಿ ಜಿಲ್ಲಾ ಪಂಚಾಯತ್ ಸಂಪೂರ್ಣವಾಗಿ ವಿಫಲವಾಗಿದ್ದು ಸಂಬಂಧಪಟ್ಟ ಭ್ರಷ್ಟ ಅಧಿಕಾರಿಗಳ ವಿರುದ್ಧ ಕ್ರಮ ಕೈಗೊಳ್ಳಬೇಕೆಂದು ದಲಿತ ಸೇನೆಯ ರಾಜ್ಯಾಧ್ಯಕ್ಷ ಹನುಮಂತ ಯಳಸಂಗಿ ಒತ್ತಾಯಿಸಿದರು.

ನಗರದ ಜಿಲ್ಲಾಧಿಕಾರಿಗಳ ಕಚೇರಿ ಆವರಣದಲ್ಲಿರುವ ಪತ್ರಿಕಾ ಭವನದಲ್ಲಿ ಸುದ್ದಿಗೋಷ್ಠಿಯಲ್ಲಿ ಮಾತನಾಡಿದ ಅವರು ರಾಜ್ಯದಲ್ಲಿ ಪ್ರಧಾನಿ ನರೇಂದ್ರ ಮೋದಿ ಅವರ ಕನಸಿನ ಯೋಜನೆಯಾದ ಗ್ರಾಮ ಪಂಚಾಯತಿಗಳಲ್ಲಿ ಅಧಿಕಾರಿಗಳು ಶಾಮೀಲಾಗಿ ಹಣ ಲೂಟಿ ಮಾಡುತ್ತಿದ್ದಾರೆ. ನರೇಗಾ, 15ನೇ ಹಣಕಾಸು ಯೋಜನೆ, ಕುಡಿಯುವ ನೀರು ಸೇರಿದಂತೆ ಕಾಮಗಾರಿಗಳನ್ನು ನಿರ್ವಹಿಸದೇ ಬಿಲ್ ಪಾವತಿ ಮಾಡಿಕೊಳ್ಳಲಾಗಿದೆ ಎಂದು ಆರೋಪಿಸಿದರು.

ಮದ್ದಾಪುರ ಗ್ರಾಮ ಪಂಚಾಯತ್, ಸಿರುಗುಪ್ಪ ತಾಲೂಕಿನ ಚಳ್ಳಕೆರೆ ಗ್ರಾಮ ಪಂಚಾಯತ್ ಹಾಗೂ ಎಂ.ಗೋನಾಳ್ ಗ್ರಾಮ ಪಂಚಾಯತಿಯಲ್ಲಿ ಕಾಮಗಾರಿಗಳ ಹೆಸರಿನಲ್ಲಿ ವಿವಿಧ ಹಗರಣಗಳು ನಡೆದಿದ್ದು, ಪರಿಶಿಷ್ಟ ಜಾತಿ, ಪಂಗಡದ ಜನರಿಗೆ ಮೀಸಲಾದ ಹಣ ದುರ್ಬಳಕೆ ಮಾಡಲಾಗಿದೆ.

ಬಂಗಾರಪ್ಪ ಗ್ರಾಮ ಪಂಚಾಯತ್ 60 ಲಕ್ಷ ರೂಪಾಯಿಗಳು, ಸಂಡೂರು ತಾಲೂಕಿನ ಕೃಷ್ಣ ನಗರ ಗ್ರಾಮ ಪಂಚಾಯತ್ 50 ಲಕ್ಷ ರೂಪಾಯಿಗಳು, ತಾಳೂರು ಗ್ರಾಮ ಪಂಚಾಯತ್ 50 ಲಕ್ಷ ರೂಪಾಯಿ, ಕುರುಗೋಡು ತಾಲೂಕಿನ ಸಿಂಧಿಗೇರಿಯಲ್ಲಿ 70 ಲಕ್ಷ ರೂಪಾಯಿಗಳು, ಬಾದನಹಟ್ಟಿ ಗ್ರಾಮ ಪಂಚಾಯತ್ 80 ಲಕ್ಷ ರೂಪಾಯಿಗಳು, ಕಂಪ್ಲಿ ತಾಲೂಕಿನ ನಂ.10 ಮುದ್ದಾಪುರ ಗ್ರಾಮ ಪಂಚಾಯತ್ 70 ಲಕ್ಷ ರೂಪಾಯಿ, ಎಮ್ಮಿಗನೂರು ಗ್ರಾಮ ಪಂಚಾಯತ್ 1 ಕೋಟಿ ರೂಪಾಯಿ, ಬಳ್ಳಾರಿ ತಾಲೂಕಿನ ಬೇಲ್ಲೂರ್ ಗ್ರಾಮ ಪಂಚಾಯತ್ 60 ಲಕ್ಷ ರೂಪಾಯಿ, ಎಂ ಗೋನಾಳ್ ಗ್ರಾಮ ಪಂಚಾಯತ್ 70 ಲಕ್ಷ ರೂಪಾಯಿಗಳು. ಹೀಗೆ ಒಟ್ಟು 7 ಕೋಟಿ 30 ಲಕ್ಷ ರೂಪಾಯಿಗಳು ವಿವಿಧ ಕಾಮಗಾರಿಗಳ ಹೆಸರಿನಲ್ಲಿ ಭ್ರಷ್ಟಾಚಾರ ನಡೆಸಿದ್ದಾರೆ ಎಂದು ಆರೋಪಿಸಿದರು.

15 ಹಣಕಾಸು ಯೋಜನೆಯಡಿ ಗ್ರಾಮ ಪಂಚಾಯತಿಗೆ ಬರುವ ಸರ್ಕಾರದ ಅನುದಾನದಲ್ಲಿ ಶೇ.5 ರಷ್ಟು ಅನುದಾನವನ್ನು ಅಂಗವಿಕಲರ ಕಲ್ಯಾಣ ಕಾರ್ಯಕ್ರಮಗಳಿಗೆ ವಿನಿಯೋಗಿಸಬೇಕು ಎಂಬ ನಿಯಮ ಇದ್ದರೂ ಈ ಜಿಲ್ಲೆಯ ಅಂಗವಿಕಲರನ್ನು ನಿರ್ಲಕ್ಷ್ಯ ಮಾಡಲಾಗಿದೆ.

ಈ ವೇಳೆ ದಲಿತ ಸೇನೆಯ ಬಳ್ಳಾರಿ ಜಿಲ್ಲಾಧ್ಯಕ್ಷ ಕಟ್ಟೆಸ್ವಾಮಿ, ಮುಖಂಡರಾದ ಮಂಜುನಾಥ, ಮುರಳಿಕೃಷ್ಣ, ಅಬ್ದುಲ್ ರಹಮಾನ್, ಮಲ್ಲಪ್ಪ, ಸುರೇಶ, ರಾಜೇಶ್ ಹೆಗ್ಡೆ, ಈರಣ್ಣ, ಹನುಮಂತಪ್ಪ, ಶಿವರಾಜ್ ಸೇರಿದಂತೆ ಉಪಸ್ಥಿತರಿದ್ದರು.

ಗ್ರಾಮ ಪಂಚಾಯತಿ ಅಧ್ಯಕ್ಷರು, ಸದಸ್ಯರು ಹಾಗೂ ಪಿಡಿಒಗಳು ಶಾಮೀಲಾಗಿ ಕಳಪೆ ಕಾಮಗಾರಿ ಮಾಡಿದ್ದಾರೆ. ಕಾಮಗಾರಿ ಮಾಡದೇ ಬಿಲ್ ಪಾವತಿ ಮಾಡಿಕೊಂಡಿದ್ದಾರೆ. ಈ ಬಗ್ಗೆ ಜಿಲ್ಲಾ ಪಂಚಾಯತಿ ಸಿಇಒ ಅವರಿಗೆ ದೂರು ನೀಡಿದರೂ ಯಾವುದೇ ಕ್ರಮ ಕೈಗೊಂಡಿಲ್ಲ ಎಂದು ಆರೋಪಿಸಿದರು.

10 ಗ್ರಾಮ ಪಂಚಾಯಿತಿಗಳಲ್ಲಿ ರಾಜಿಹಾಳ್, ಹೊಸಹಳ್ಳಿ, ಪಿ.ಡಿ.ಹಳ್ಳಿ, ಹಲಕುಂದಿ, ಸಂಜೀವರಾಯನಕೋಟೆ, ಗ್ರಾಮ ಪಂಚಾಯಿತಿಗಳಲ್ಲಿ ಕೋಟ್ಯಂತರ ರೂಪಾಯಿ ಅವ್ಯವಹಾರ ನಡೆದಿದೆ. ಈ ಕುರಿತು ಸಮಗ್ರ ತನಿಖೆ ನಡೆಸಿ ತಪ್ಪಿತಸ್ಥರ ವಿರುದ್ಧ ಕ್ರಮ ಕೈಗೊಳ್ಳಬೇಕು ಎಂದು ಒತ್ತಾಯಿಸಿದರು.

OWNER , PUBLISHER & PRINTER K. M. REKHA PUBLISHED AT HOSPET TIMES, APOORVA OFFSET PRINTERS , SACHIDANAND LANE , MAIN BAZAR , HOSAPETE , BALLARI & PRINTED AT APOORVA OFFSET PRINTERS ,
SACHIDANAND LANE , MAIN BAZAR , HOSAPETE , BALLARI , EDITOR K. M. REKHA . EMAIL : hospettimes@gmail.com, Mob No 94484 41484.
